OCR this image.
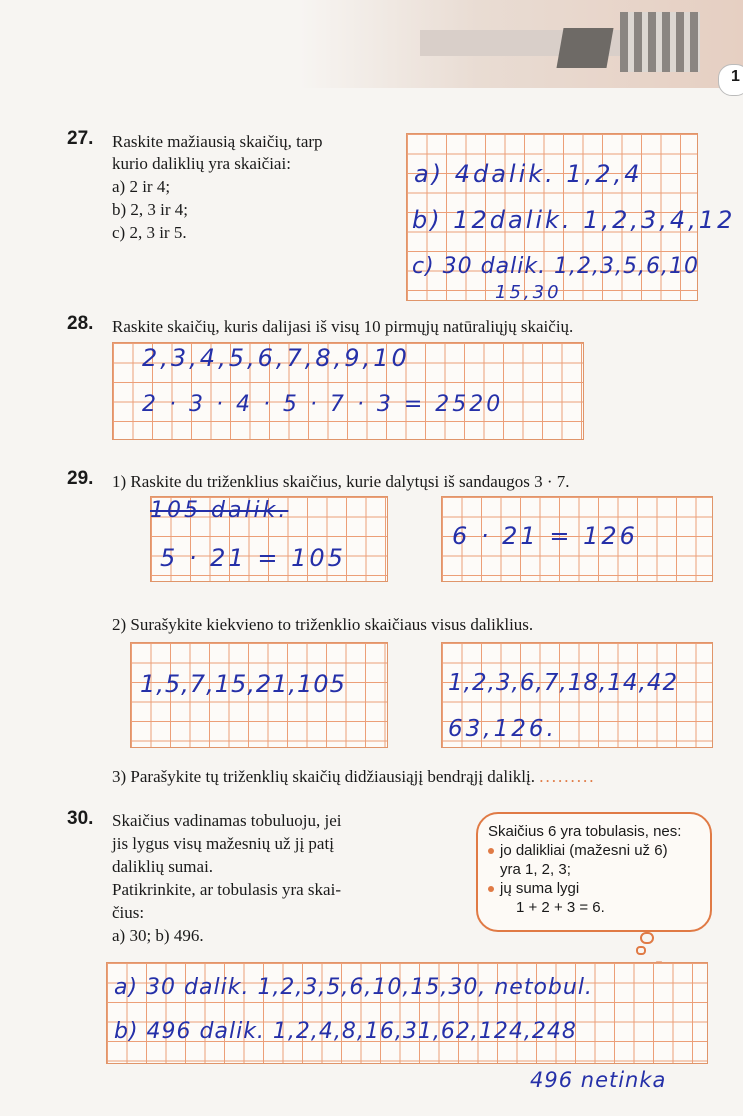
1
27. Raskite mažiausią skaičių, tarp
kurio daliklių yra skaičiai:
a) 2 ir 4;
b) 2, 3 ir 4;
c) 2, 3 ir 5.
a) 4dalik. 1,2,4
b) 12dalik. 1,2,3,4,12
c) 30 dalik. 1,2,3,5,6,10
15,30
28. Raskite skaičių, kuris dalijasi iš visų 10 pirmųjų natūraliųjų skaičių.
2,3,4,5,6,7,8,9,10
2 · 3 · 4 · 5 · 7 · 3 = 2520
29. 1) Raskite du triženklius skaičius, kurie dalytųsi iš sandaugos 3 · 7.
105 dalik.
5 · 21 = 105
6 · 21 = 126
2) Surašykite kiekvieno to triženklio skaičiaus visus daliklius.
1,5,7,15,21,105	1,2,3,6,7,18,14,42
63,126.
3) Parašykite tų triženklių skaičių didžiausiąjį bendrąjį daliklį. .........
30. Skaičius vadinamas tobuluoju, jei
jis lygus visų mažesnių už jį patį
daliklių sumai.
Patikrinkite, ar tobulasis yra skai-
čius:
a) 30; b) 496.
Skaičius 6 yra tobulasis, nes:
jo dalikliai (mažesni už 6)
yra 1, 2, 3;
jų suma lygi
1 + 2 + 3 = 6.
a) 30 dalik. 1,2,3,5,6,10,15,30, netobul.
b) 496 dalik. 1,2,4,8,16,31,62,124,248
496 netinka
